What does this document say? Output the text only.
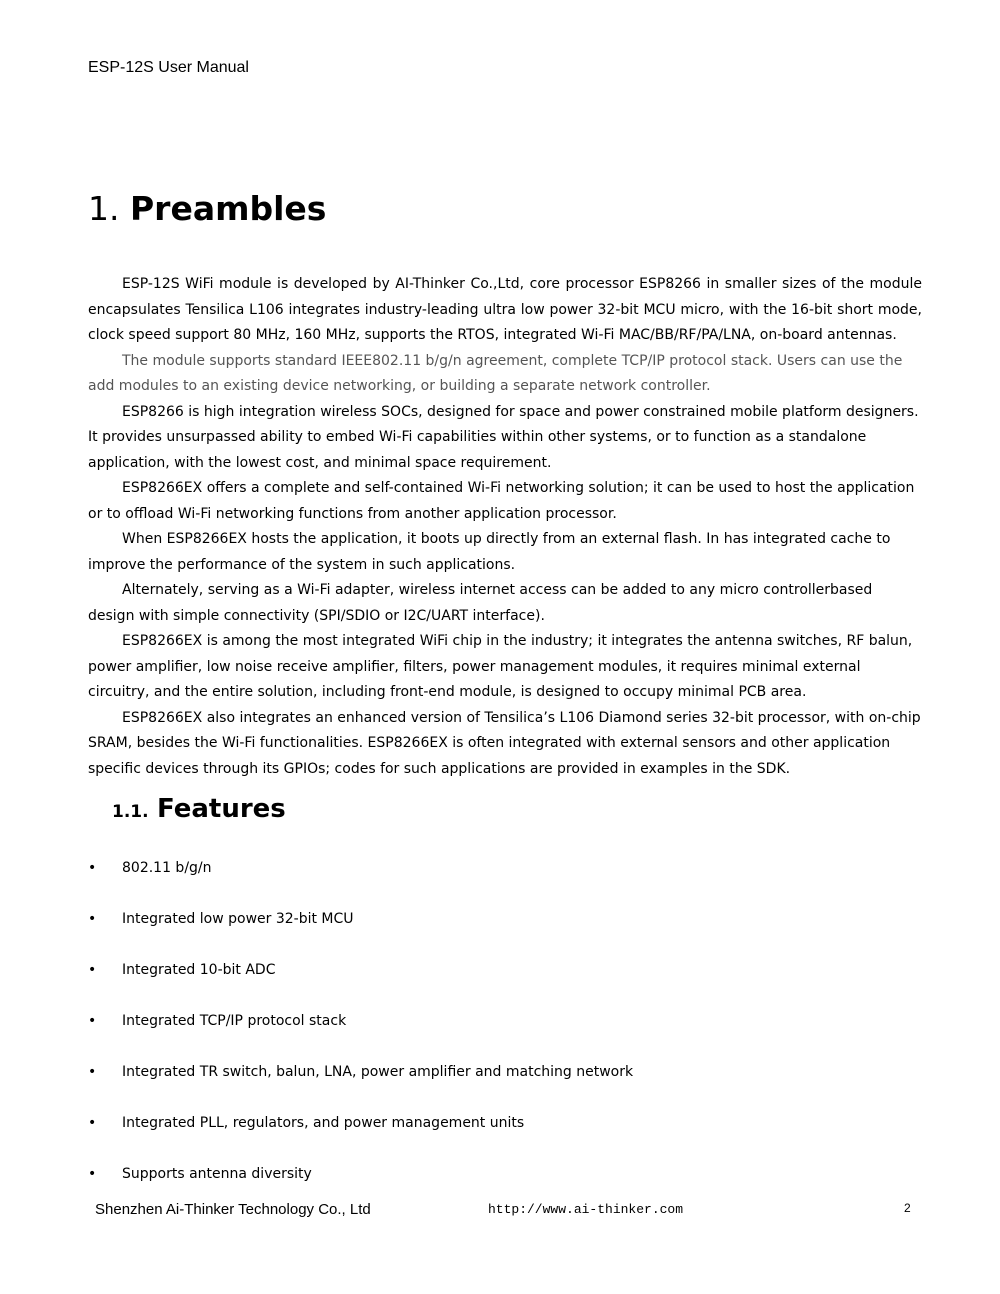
ESP-12S User Manual
1. Preambles

ESP-12S WiFi module is developed by AI-Thinker Co.,Ltd, core processor ESP8266 in smaller sizes of the module encapsulates Tensilica L106 integrates industry-leading ultra low power 32-bit MCU micro, with the 16-bit short mode, clock speed support 80 MHz, 160 MHz, supports the RTOS, integrated Wi-Fi MAC/BB/RF/PA/LNA, on-board antennas.

The module supports standard IEEE802.11 b/g/n agreement, complete TCP/IP protocol stack. Users can use the add modules to an existing device networking, or building a separate network controller.

ESP8266 is high integration wireless SOCs, designed for space and power constrained mobile platform designers. It provides unsurpassed ability to embed Wi-Fi capabilities within other systems, or to function as a standalone application, with the lowest cost, and minimal space requirement.

ESP8266EX offers a complete and self-contained Wi-Fi networking solution; it can be used to host the application or to offload Wi-Fi networking functions from another application processor.

When ESP8266EX hosts the application, it boots up directly from an external flash. In has integrated cache to improve the performance of the system in such applications.

Alternately, serving as a Wi-Fi adapter, wireless internet access can be added to any micro controllerbased design with simple connectivity (SPI/SDIO or I2C/UART interface).

ESP8266EX is among the most integrated WiFi chip in the industry; it integrates the antenna switches, RF balun, power amplifier, low noise receive amplifier, filters, power management modules, it requires minimal external circuitry, and the entire solution, including front-end module, is designed to occupy minimal PCB area.

ESP8266EX also integrates an enhanced version of Tensilica’s L106 Diamond series 32-bit processor, with on-chip SRAM, besides the Wi-Fi functionalities. ESP8266EX is often integrated with external sensors and other application specific devices through its GPIOs; codes for such applications are provided in examples in the SDK.

1.1. Features
•	802.11 b/g/n
•	Integrated low power 32-bit MCU
•	Integrated 10-bit ADC
•	Integrated TCP/IP protocol stack
•	Integrated TR switch, balun, LNA, power amplifier and matching network
•	Integrated PLL, regulators, and power management units
•	Supports antenna diversity
Shenzhen Ai-Thinker Technology Co., Ltd	http://www.ai-thinker.com	2
